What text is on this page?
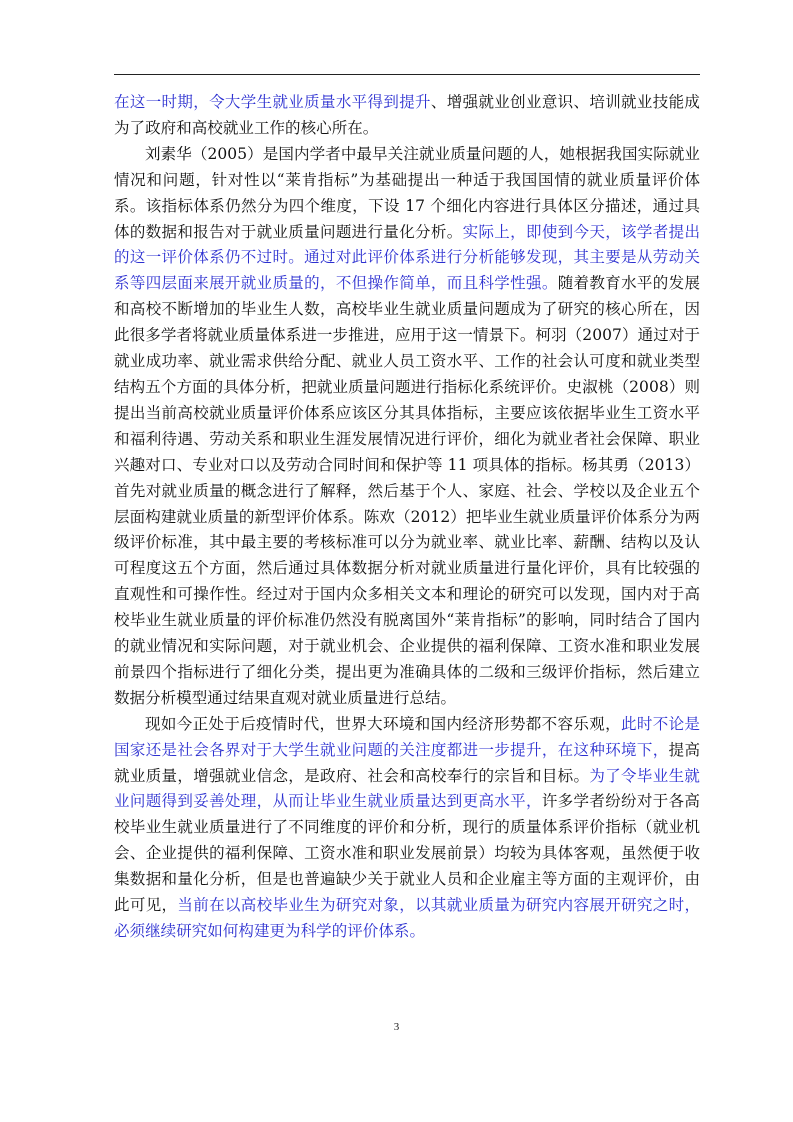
在这一时期，令大学生就业质量水平得到提升、增强就业创业意识、培训就业技能成为了政府和高校就业工作的核心所在。

刘素华（2005）是国内学者中最早关注就业质量问题的人，她根据我国实际就业情况和问题，针对性以“莱肯指标”为基础提出一种适于我国国情的就业质量评价体系。该指标体系仍然分为四个维度，下设 17 个细化内容进行具体区分描述，通过具体的数据和报告对于就业质量问题进行量化分析。实际上，即使到今天，该学者提出的这一评价体系仍不过时。通过对此评价体系进行分析能够发现，其主要是从劳动关系等四层面来展开就业质量的，不但操作简单，而且科学性强。随着教育水平的发展和高校不断增加的毕业生人数，高校毕业生就业质量问题成为了研究的核心所在，因此很多学者将就业质量体系进一步推进，应用于这一情景下。柯羽（2007）通过对于就业成功率、就业需求供给分配、就业人员工资水平、工作的社会认可度和就业类型结构五个方面的具体分析，把就业质量问题进行指标化系统评价。史淑桃（2008）则提出当前高校就业质量评价体系应该区分其具体指标，主要应该依据毕业生工资水平和福利待遇、劳动关系和职业生涯发展情况进行评价，细化为就业者社会保障、职业兴趣对口、专业对口以及劳动合同时间和保护等 11 项具体的指标。杨其勇（2013）首先对就业质量的概念进行了解释，然后基于个人、家庭、社会、学校以及企业五个层面构建就业质量的新型评价体系。陈欢（2012）把毕业生就业质量评价体系分为两级评价标准，其中最主要的考核标准可以分为就业率、就业比率、薪酬、结构以及认可程度这五个方面，然后通过具体数据分析对就业质量进行量化评价，具有比较强的直观性和可操作性。经过对于国内众多相关文本和理论的研究可以发现，国内对于高校毕业生就业质量的评价标准仍然没有脱离国外“莱肯指标”的影响，同时结合了国内的就业情况和实际问题，对于就业机会、企业提供的福利保障、工资水准和职业发展前景四个指标进行了细化分类，提出更为准确具体的二级和三级评价指标，然后建立数据分析模型通过结果直观对就业质量进行总结。

现如今正处于后疫情时代，世界大环境和国内经济形势都不容乐观，此时不论是国家还是社会各界对于大学生就业问题的关注度都进一步提升，在这种环境下，提高就业质量，增强就业信念，是政府、社会和高校奉行的宗旨和目标。为了令毕业生就业问题得到妥善处理，从而让毕业生就业质量达到更高水平，许多学者纷纷对于各高校毕业生就业质量进行了不同维度的评价和分析，现行的质量体系评价指标（就业机会、企业提供的福利保障、工资水准和职业发展前景）均较为具体客观，虽然便于收集数据和量化分析，但是也普遍缺少关于就业人员和企业雇主等方面的主观评价，由此可见，当前在以高校毕业生为研究对象，以其就业质量为研究内容展开研究之时，必须继续研究如何构建更为科学的评价体系。

3
